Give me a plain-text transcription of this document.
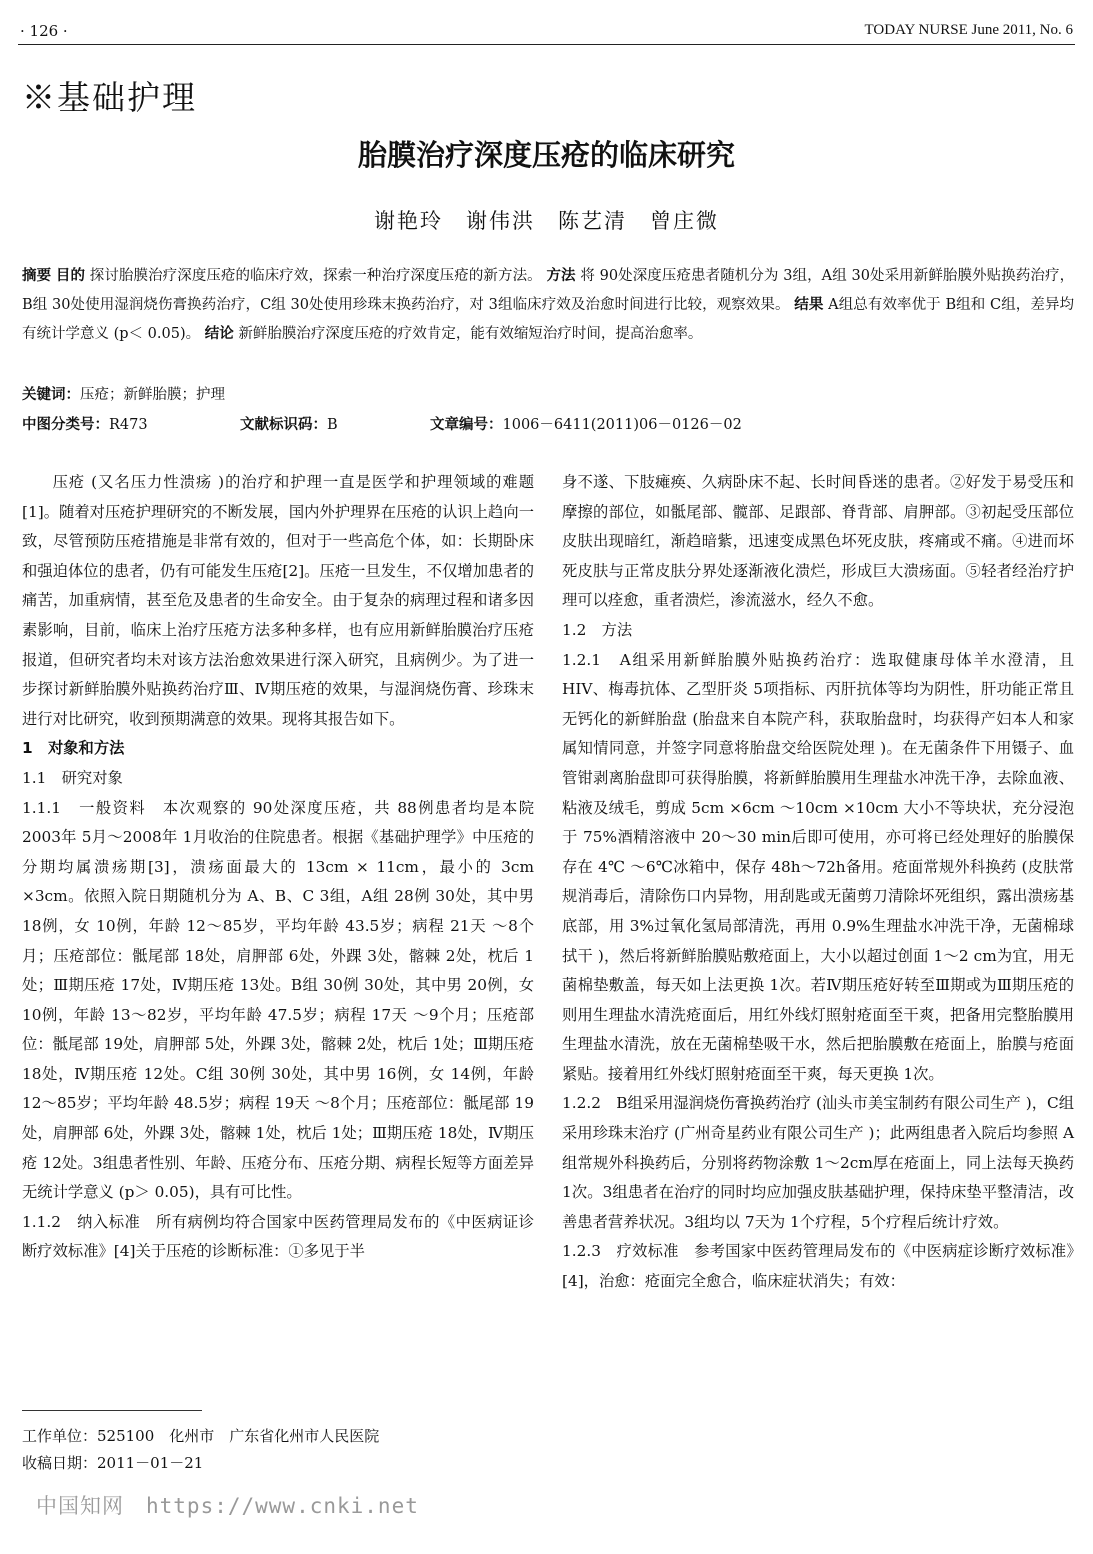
· 126 ·	TODAY NURSE June 2011, No. 6
※基础护理
胎膜治疗深度压疮的临床研究
谢艳玲　谢伟洪　陈艺清　曾庄微
摘要 目的 探讨胎膜治疗深度压疮的临床疗效，探索一种治疗深度压疮的新方法。 方法 将 90处深度压疮患者随机分为 3组，A组 30处采用新鲜胎膜外贴换药治疗，B组 30处使用湿润烧伤膏换药治疗，C组 30处使用珍珠末换药治疗，对 3组临床疗效及治愈时间进行比较，观察效果。 结果 A组总有效率优于 B组和 C组，差异均有统计学意义 (p＜ 0.05)。 结论 新鲜胎膜治疗深度压疮的疗效肯定，能有效缩短治疗时间，提高治愈率。
关键词：压疮；新鲜胎膜；护理
中图分类号：R473	文献标识码：B	文章编号：1006－6411(2011)06－0126－02

压疮 (又名压力性溃疡 )的治疗和护理一直是医学和护理领域的难题[1]。随着对压疮护理研究的不断发展，国内外护理界在压疮的认识上趋向一致，尽管预防压疮措施是非常有效的，但对于一些高危个体，如：长期卧床和强迫体位的患者，仍有可能发生压疮[2]。压疮一旦发生，不仅增加患者的痛苦，加重病情，甚至危及患者的生命安全。由于复杂的病理过程和诸多因素影响，目前，临床上治疗压疮方法多种多样，也有应用新鲜胎膜治疗压疮报道，但研究者均未对该方法治愈效果进行深入研究，且病例少。为了进一步探讨新鲜胎膜外贴换药治疗Ⅲ、Ⅳ期压疮的效果，与湿润烧伤膏、珍珠末进行对比研究，收到预期满意的效果。现将其报告如下。

1　对象和方法

1.1　研究对象

1.1.1　一般资料　本次观察的 90处深度压疮，共 88例患者均是本院 2003年 5月～2008年 1月收治的住院患者。根据《基础护理学》中压疮的分期均属溃疡期[3]，溃疡面最大的 13cm × 11cm，最小的 3cm ×3cm。依照入院日期随机分为 A、B、C 3组，A组 28例 30处，其中男 18例，女 10例，年龄 12～85岁，平均年龄 43.5岁；病程 21天 ～8个月；压疮部位：骶尾部 18处，肩胛部 6处，外踝 3处，髂棘 2处，枕后 1处；Ⅲ期压疮 17处，Ⅳ期压疮 13处。B组 30例 30处，其中男 20例，女 10例，年龄 13～82岁，平均年龄 47.5岁；病程 17天 ～9个月；压疮部位：骶尾部 19处，肩胛部 5处，外踝 3处，髂棘 2处，枕后 1处；Ⅲ期压疮 18处，Ⅳ期压疮 12处。C组 30例 30处，其中男 16例，女 14例，年龄 12～85岁；平均年龄 48.5岁；病程 19天 ～8个月；压疮部位：骶尾部 19处，肩胛部 6处，外踝 3处，髂棘 1处，枕后 1处；Ⅲ期压疮 18处，Ⅳ期压疮 12处。3组患者性别、年龄、压疮分布、压疮分期、病程长短等方面差异无统计学意义 (p＞ 0.05)，具有可比性。

1.1.2　纳入标准　所有病例均符合国家中医药管理局发布的《中医病证诊断疗效标准》[4]关于压疮的诊断标准：①多见于半

身不遂、下肢瘫痪、久病卧床不起、长时间昏迷的患者。②好发于易受压和摩擦的部位，如骶尾部、髋部、足跟部、脊背部、肩胛部。③初起受压部位皮肤出现暗红，渐趋暗紫，迅速变成黑色坏死皮肤，疼痛或不痛。④进而坏死皮肤与正常皮肤分界处逐渐液化溃烂，形成巨大溃疡面。⑤轻者经治疗护理可以痊愈，重者溃烂，渗流滋水，经久不愈。

1.2　方法

1.2.1　A组采用新鲜胎膜外贴换药治疗：选取健康母体羊水澄清，且 HIV、梅毒抗体、乙型肝炎 5项指标、丙肝抗体等均为阴性，肝功能正常且无钙化的新鲜胎盘 (胎盘来自本院产科，获取胎盘时，均获得产妇本人和家属知情同意，并签字同意将胎盘交给医院处理 )。在无菌条件下用镊子、血管钳剥离胎盘即可获得胎膜，将新鲜胎膜用生理盐水冲洗干净，去除血液、粘液及绒毛，剪成 5cm ×6cm ～10cm ×10cm 大小不等块状，充分浸泡于 75%酒精溶液中 20～30 min后即可使用，亦可将已经处理好的胎膜保存在 4℃ ～6℃冰箱中，保存 48h～72h备用。疮面常规外科换药 (皮肤常规消毒后，清除伤口内异物，用刮匙或无菌剪刀清除坏死组织，露出溃疡基底部，用 3%过氧化氢局部清洗，再用 0.9%生理盐水冲洗干净，无菌棉球拭干 )，然后将新鲜胎膜贴敷疮面上，大小以超过创面 1～2 cm为宜，用无菌棉垫敷盖，每天如上法更换 1次。若Ⅳ期压疮好转至Ⅲ期或为Ⅲ期压疮的则用生理盐水清洗疮面后，用红外线灯照射疮面至干爽，把备用完整胎膜用生理盐水清洗，放在无菌棉垫吸干水，然后把胎膜敷在疮面上，胎膜与疮面紧贴。接着用红外线灯照射疮面至干爽，每天更换 1次。

1.2.2　B组采用湿润烧伤膏换药治疗 (汕头市美宝制药有限公司生产 )，C组采用珍珠末治疗 (广州奇星药业有限公司生产 )；此两组患者入院后均参照 A组常规外科换药后，分别将药物涂敷 1～2cm厚在疮面上，同上法每天换药 1次。3组患者在治疗的同时均应加强皮肤基础护理，保持床垫平整清洁，改善患者营养状况。3组均以 7天为 1个疗程，5个疗程后统计疗效。

1.2.3　疗效标准　参考国家中医药管理局发布的《中医病症诊断疗效标准》[4]，治愈：疮面完全愈合，临床症状消失；有效：

工作单位：525100　化州市　广东省化州市人民医院
收稿日期：2011－01－21
中国知网　https://www.cnki.net
